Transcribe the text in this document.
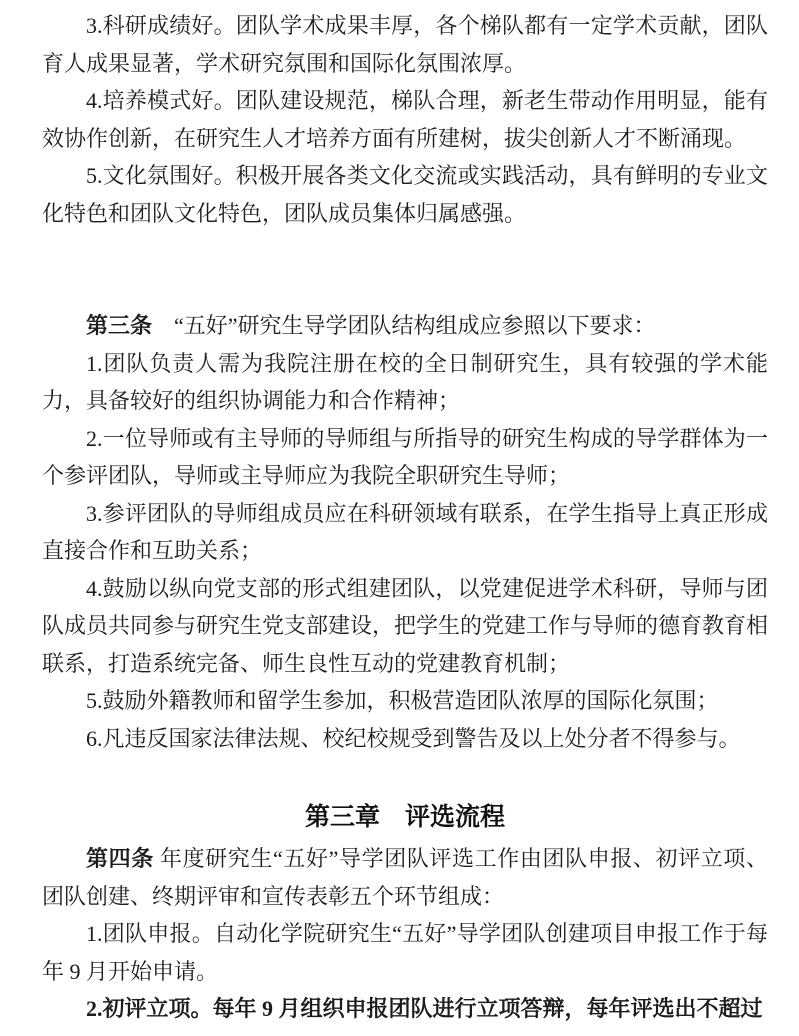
3.科研成绩好。团队学术成果丰厚，各个梯队都有一定学术贡献，团队育人成果显著，学术研究氛围和国际化氛围浓厚。

4.培养模式好。团队建设规范，梯队合理，新老生带动作用明显，能有效协作创新，在研究生人才培养方面有所建树，拔尖创新人才不断涌现。

5.文化氛围好。积极开展各类文化交流或实践活动，具有鲜明的专业文化特色和团队文化特色，团队成员集体归属感强。

第三条　“五好”研究生导学团队结构组成应参照以下要求：

1.团队负责人需为我院注册在校的全日制研究生，具有较强的学术能力，具备较好的组织协调能力和合作精神；

2.一位导师或有主导师的导师组与所指导的研究生构成的导学群体为一个参评团队，导师或主导师应为我院全职研究生导师；

3.参评团队的导师组成员应在科研领域有联系，在学生指导上真正形成直接合作和互助关系；

4.鼓励以纵向党支部的形式组建团队，以党建促进学术科研，导师与团队成员共同参与研究生党支部建设，把学生的党建工作与导师的德育教育相联系，打造系统完备、师生良性互动的党建教育机制；

5.鼓励外籍教师和留学生参加，积极营造团队浓厚的国际化氛围；

6.凡违反国家法律法规、校纪校规受到警告及以上处分者不得参与。

第三章　评选流程

第四条 年度研究生“五好”导学团队评选工作由团队申报、初评立项、团队创建、终期评审和宣传表彰五个环节组成：

1.团队申报。自动化学院研究生“五好”导学团队创建项目申报工作于每年 9 月开始申请。

2.初评立项。每年 9 月组织申报团队进行立项答辩，每年评选出不超过
